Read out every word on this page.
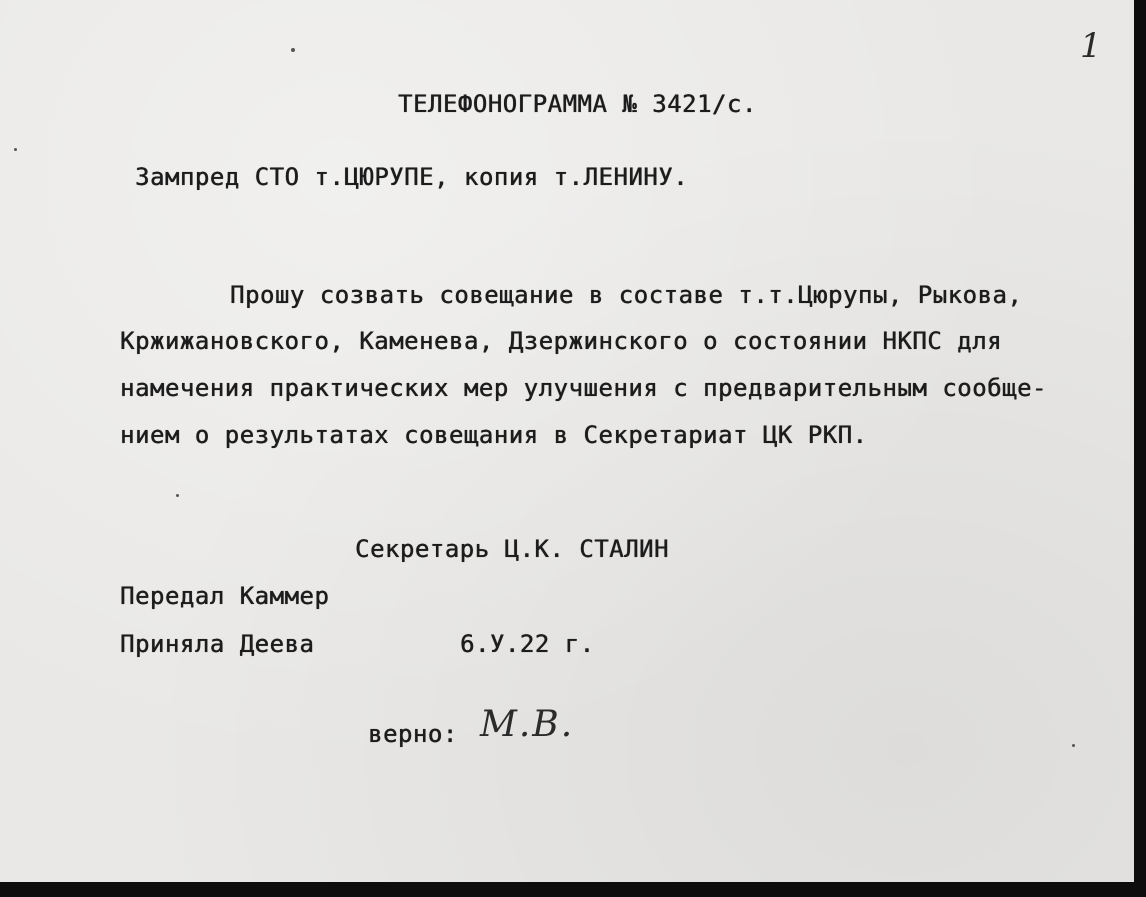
1
ТЕЛЕФОНОГРАММА № 3421/с.
Зампред СТО т.ЦЮРУПЕ, копия т.ЛЕНИНУ.
Прошу созвать совещание в составе т.т.Цюрупы, Рыкова,
Кржижановского, Каменева, Дзержинского о состоянии НКПС для
намечения практических мер улучшения с предварительным сообще-
нием о результатах совещания в Секретариат ЦК РКП.
Секретарь Ц.К. СТАЛИН
Передал Каммер
Приняла Деева	6.У.22 г.
верно: М.В.
